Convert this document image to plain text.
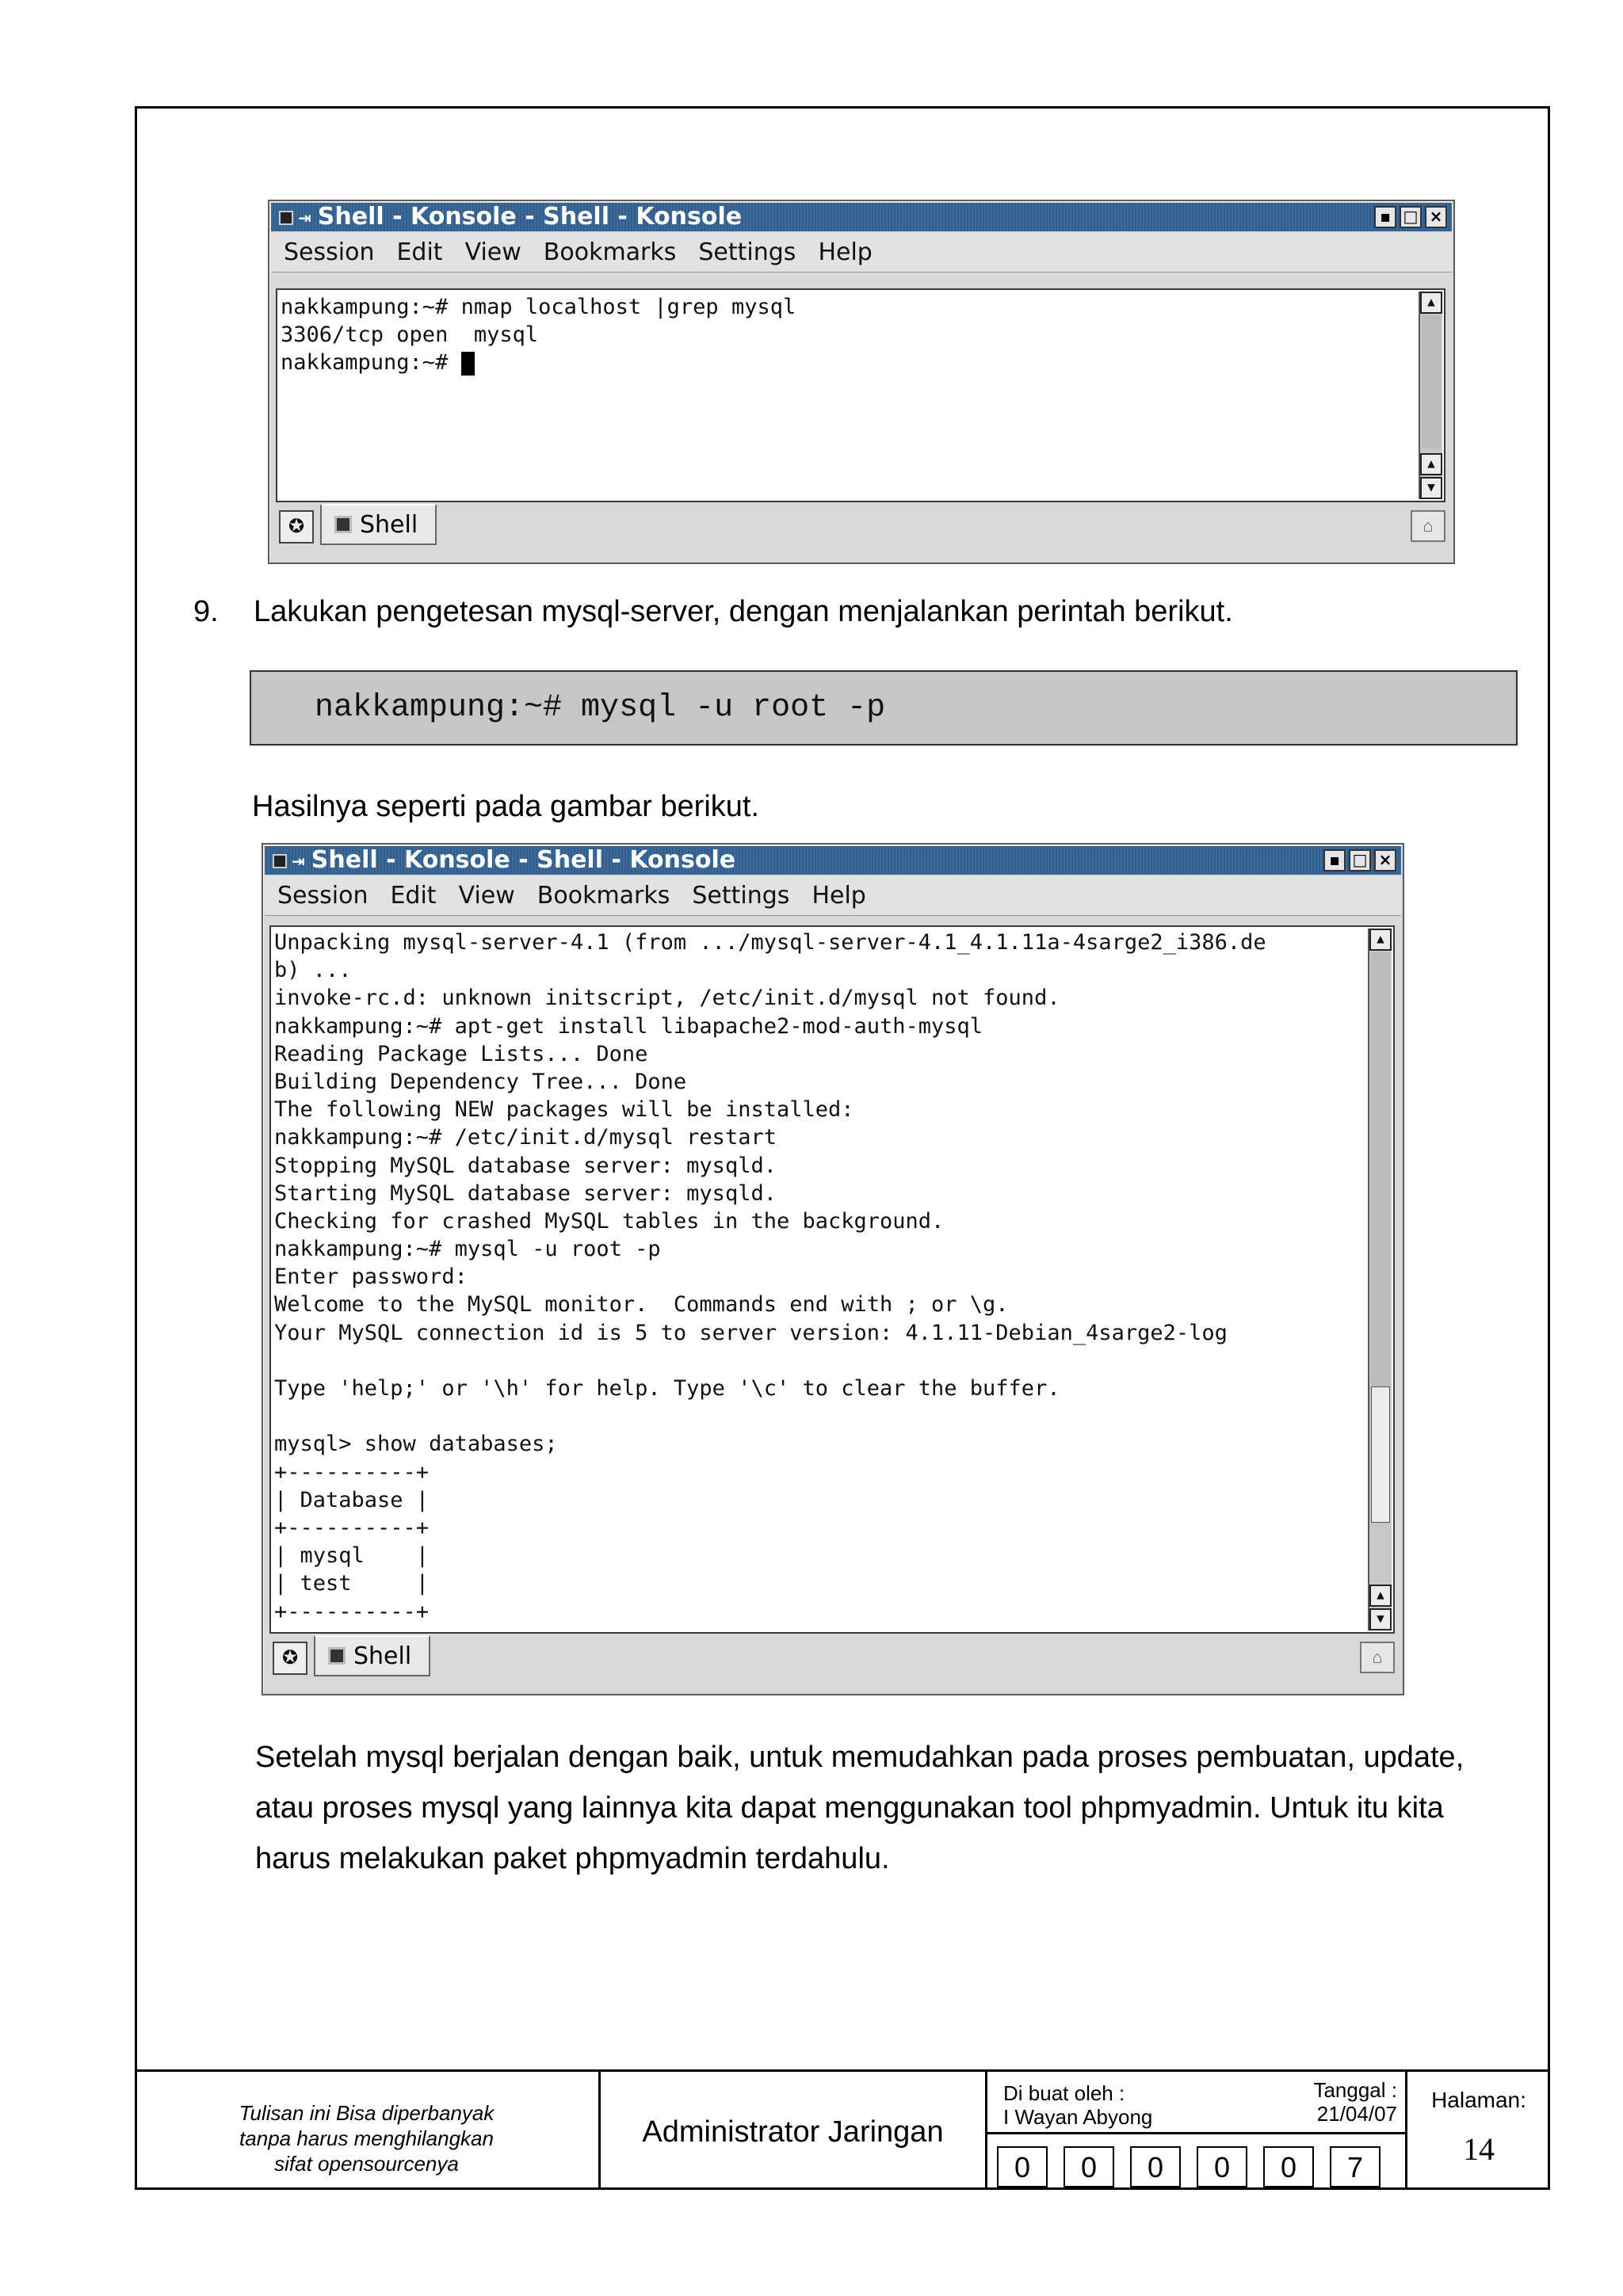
⇥ Shell - Konsole - Shell - Konsole	▪ □ ×
Session Edit View Bookmarks Settings Help
nakkampung:~# nmap localhost |grep mysql
3306/tcp open  mysql
nakkampung:~#
▲
▲
▼
✪	Shell	⌂
9. Lakukan pengetesan mysql-server, dengan menjalankan perintah berikut.
nakkampung:~# mysql -u root -p
Hasilnya seperti pada gambar berikut.
⇥ Shell - Konsole - Shell - Konsole	▪ □ ×
Session Edit View Bookmarks Settings Help
Unpacking mysql-server-4.1 (from .../mysql-server-4.1_4.1.11a-4sarge2_i386.de
b) ...
invoke-rc.d: unknown initscript, /etc/init.d/mysql not found.
nakkampung:~# apt-get install libapache2-mod-auth-mysql
Reading Package Lists... Done
Building Dependency Tree... Done
The following NEW packages will be installed:
nakkampung:~# /etc/init.d/mysql restart
Stopping MySQL database server: mysqld.
Starting MySQL database server: mysqld.
Checking for crashed MySQL tables in the background.
nakkampung:~# mysql -u root -p
Enter password:
Welcome to the MySQL monitor.  Commands end with ; or \g.
Your MySQL connection id is 5 to server version: 4.1.11-Debian_4sarge2-log
Type 'help;' or '\h' for help. Type '\c' to clear the buffer.
mysql> show databases;
+----------+
| Database |
+----------+
| mysql    |
| test     |
+----------+
▲
▲
▼
✪	Shell	⌂
Setelah mysql berjalan dengan baik, untuk memudahkan pada proses pembuatan, update,
atau proses mysql yang lainnya kita dapat menggunakan tool phpmyadmin. Untuk itu kita
harus melakukan paket phpmyadmin terdahulu.
Tulisan ini Bisa diperbanyak
tanpa harus menghilangkan
sifat opensourcenya
Administrator Jaringan
Di buat oleh :
I Wayan Abyong
Tanggal :
21/04/07
0	0	0	0	0	7
Halaman:
14
